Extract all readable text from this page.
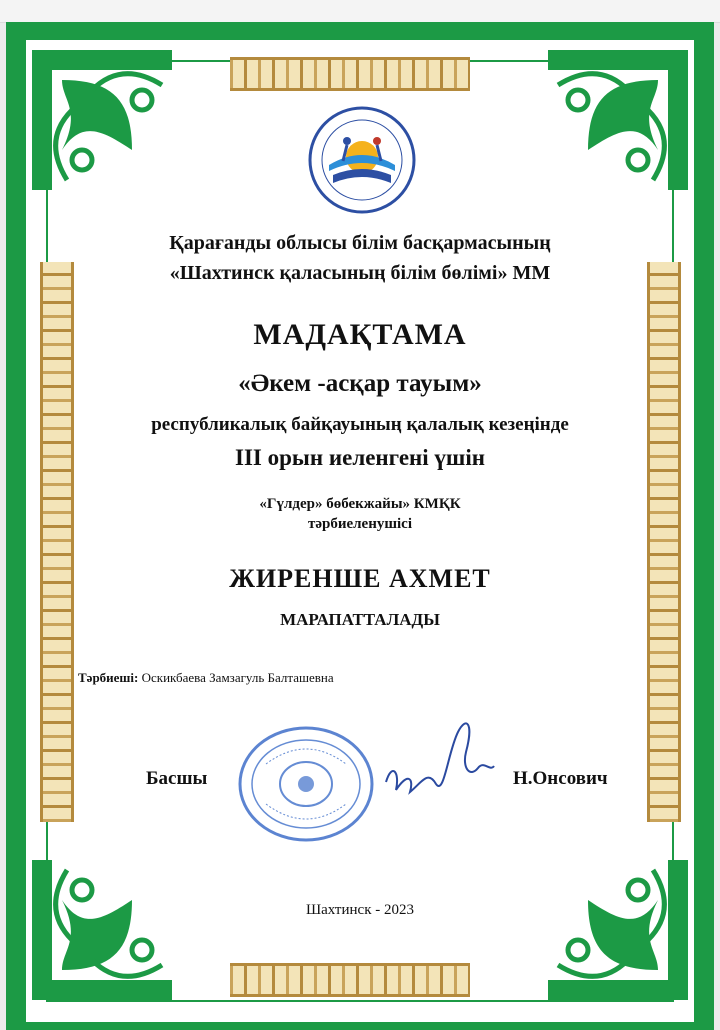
Қарағанды облысы білім басқармасының
«Шахтинск қаласының білім бөлімі» ММ
МАДАҚТАМА
«Әкем -асқар тауым»
республикалық байқауының қалалық кезеңінде
ІІІ орын иеленгені үшін
«Гүлдер» бөбекжайы» КМҚК
тәрбиеленушісі
ЖИРЕНШЕ АХМЕТ
МАРАПАТТАЛАДЫ
Тәрбиеші: Оскикбаева Замзагуль Балташевна
Басшы	Н.Онсович
Шахтинск - 2023
